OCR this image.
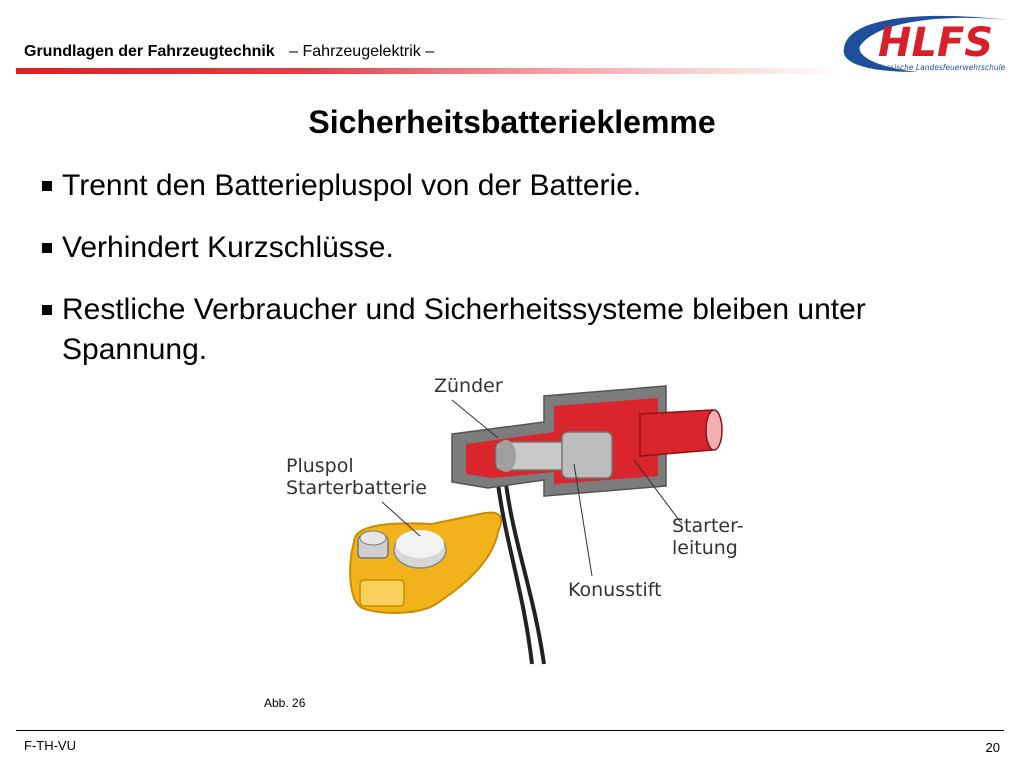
Grundlagen der Fahrzeugtechnik – Fahrzeugelektrik –	HLFS
Hessische Landesfeuerwehrschule
Sicherheitsbatterieklemme
Trennt den Batteriepluspol von der Batterie.
Verhindert Kurzschlüsse.
Restliche Verbraucher und Sicherheitssysteme bleiben unter Spannung.
Zünder
Pluspol
Starterbatterie
Starter-
leitung
Konusstift
Abb. 26
F-TH-VU	20
